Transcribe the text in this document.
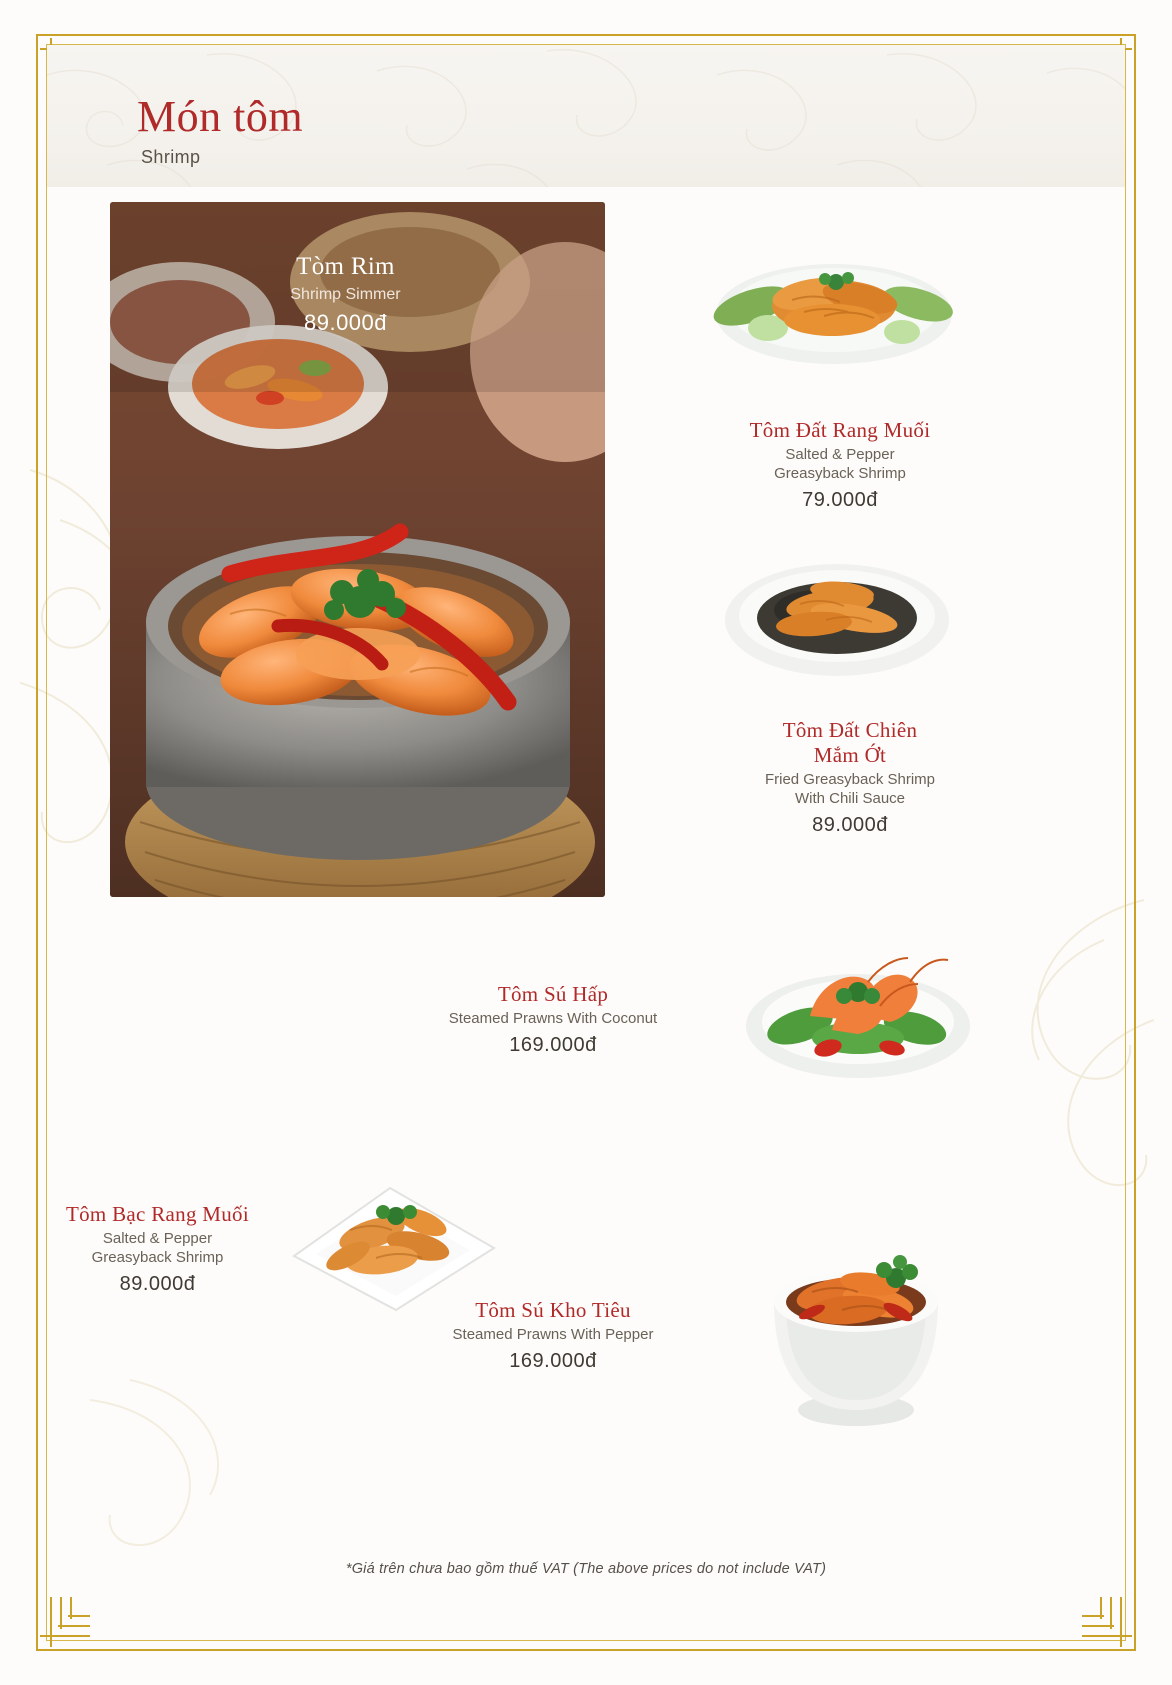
Món tôm
Shrimp
Tòm Rim
Shrimp Simmer
89.000đ
Tôm Đất Rang Muối
Salted & Pepper
Greasyback Shrimp
79.000đ
Tôm Đất Chiên
Mắm Ớt
Fried Greasyback Shrimp
With Chili Sauce
89.000đ
Tôm Sú Hấp
Steamed Prawns With Coconut
169.000đ
Tôm Bạc Rang Muối
Salted & Pepper
Greasyback Shrimp
89.000đ
Tôm Sú Kho Tiêu
Steamed Prawns With Pepper
169.000đ
*Giá trên chưa bao gồm thuế VAT (The above prices do not include VAT)
